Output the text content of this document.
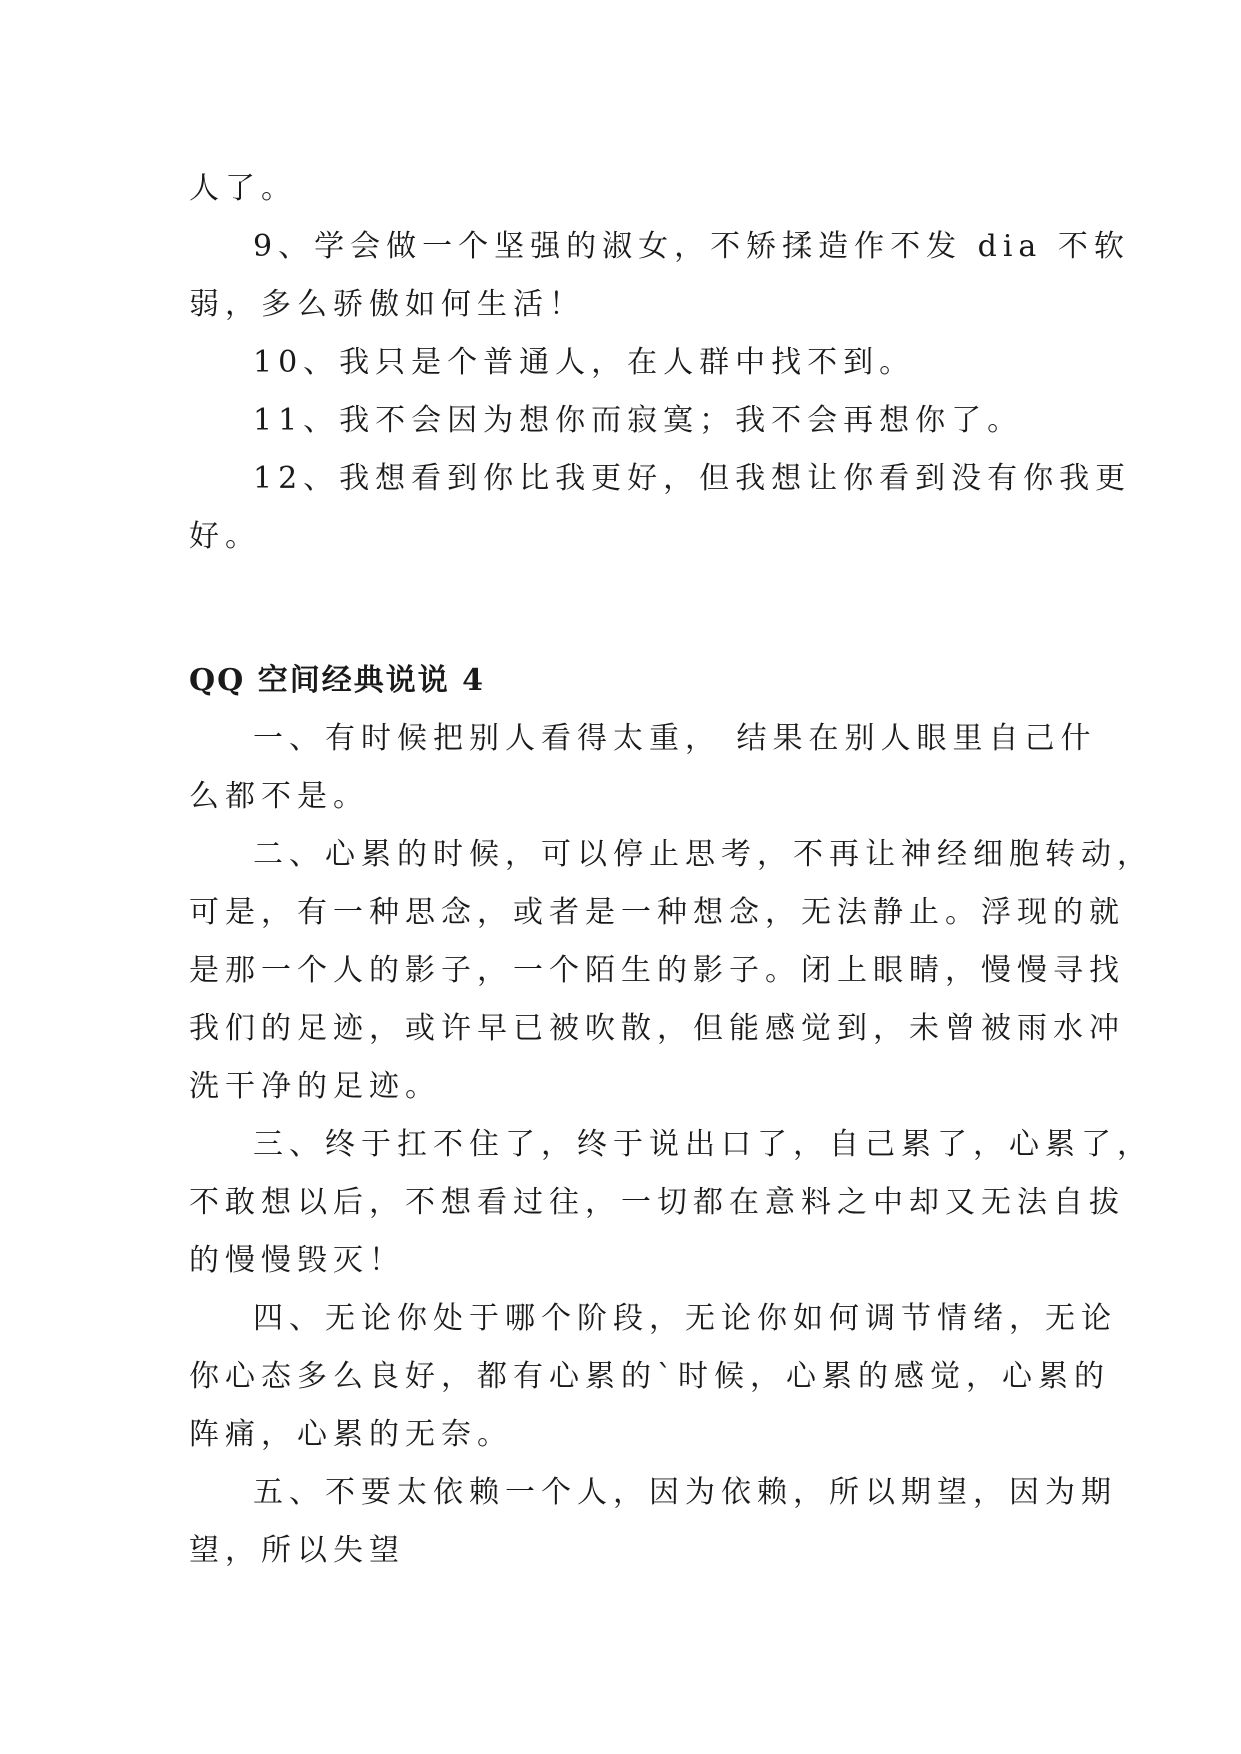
人了。

9、学会做一个坚强的淑女，不矫揉造作不发 dia 不软
弱，多么骄傲如何生活！

10、我只是个普通人，在人群中找不到。

11、我不会因为想你而寂寞；我不会再想你了。

12、我想看到你比我更好，但我想让你看到没有你我更
好。

QQ 空间经典说说 4

一、有时候把别人看得太重， 结果在别人眼里自己什
么都不是。

二、心累的时候，可以停止思考，不再让神经细胞转动，
可是，有一种思念，或者是一种想念，无法静止。浮现的就
是那一个人的影子，一个陌生的影子。闭上眼睛，慢慢寻找
我们的足迹，或许早已被吹散，但能感觉到，未曾被雨水冲
洗干净的足迹。

三、终于扛不住了，终于说出口了，自己累了，心累了，
不敢想以后，不想看过往，一切都在意料之中却又无法自拔
的慢慢毁灭！

四、无论你处于哪个阶段，无论你如何调节情绪，无论
你心态多么良好，都有心累的`时候，心累的感觉，心累的
阵痛，心累的无奈。

五、不要太依赖一个人，因为依赖，所以期望，因为期
望，所以失望
